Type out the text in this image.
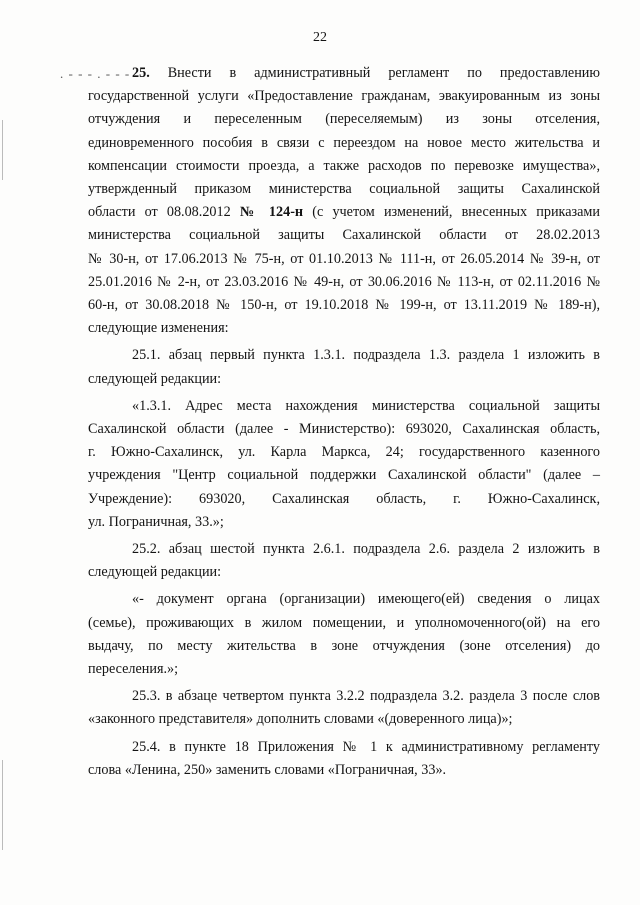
22
. - - - . - - - 25. Внести в административный регламент по предоставлению

государственной услуги «Предоставление гражданам, эвакуированным из зоны

отчуждения и переселенным (переселяемым) из зоны отселения,

единовременного пособия в связи с переездом на новое место жительства и

компенсации стоимости проезда, а также расходов по перевозке имущества»,

утвержденный приказом министерства социальной защиты Сахалинской

области от 08.08.2012 № 124-н (с учетом изменений, внесенных приказами

министерства социальной защиты Сахалинской области от 28.02.2013

№ 30-н, от 17.06.2013 № 75-н, от 01.10.2013 № 111-н, от 26.05.2014 № 39-н, от

25.01.2016 № 2-н, от 23.03.2016 № 49-н, от 30.06.2016 № 113-н, от 02.11.2016 №

60-н, от 30.08.2018 № 150-н, от 19.10.2018 № 199-н, от 13.11.2019 № 189-н),

следующие изменения:

25.1. абзац первый пункта 1.3.1. подраздела 1.3. раздела 1 изложить в

следующей редакции:

«1.3.1. Адрес места нахождения министерства социальной защиты

Сахалинской области (далее - Министерство): 693020, Сахалинская область,

г. Южно-Сахалинск, ул. Карла Маркса, 24; государственного казенного

учреждения "Центр социальной поддержки Сахалинской области" (далее –

Учреждение): 693020, Сахалинская область, г. Южно-Сахалинск,

ул. Пограничная, 33.»;

25.2. абзац шестой пункта 2.6.1. подраздела 2.6. раздела 2 изложить в

следующей редакции:

«- документ органа (организации) имеющего(ей) сведения о лицах

(семье), проживающих в жилом помещении, и уполномоченного(ой) на его

выдачу, по месту жительства в зоне отчуждения (зоне отселения) до

переселения.»;

25.3. в абзаце четвертом пункта 3.2.2 подраздела 3.2. раздела 3 после слов

«законного представителя» дополнить словами «(доверенного лица)»;

25.4. в пункте 18 Приложения № 1 к административному регламенту

слова «Ленина, 250» заменить словами «Пограничная, 33».
